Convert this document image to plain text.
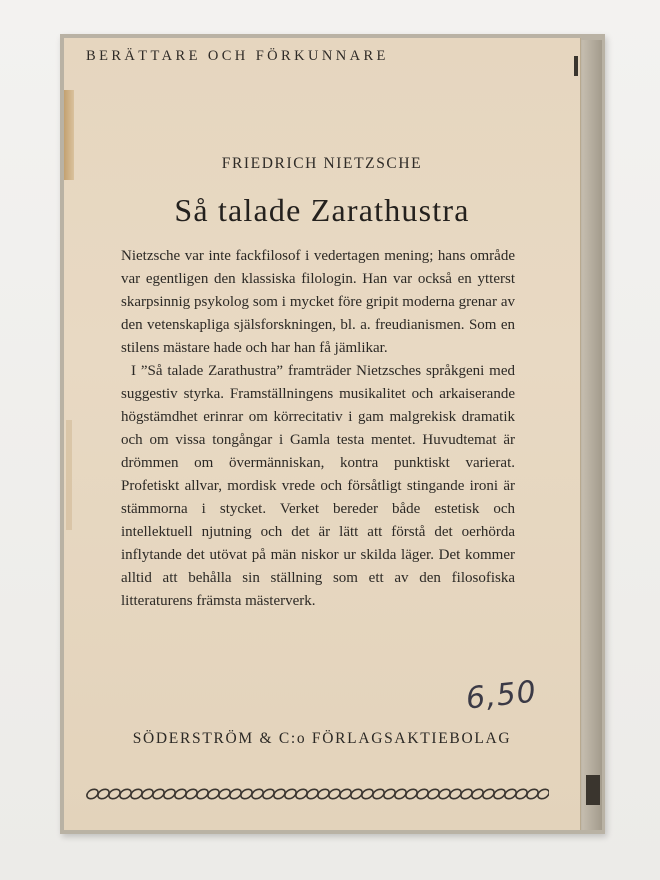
BERÄTTARE OCH FÖRKUNNARE
FRIEDRICH NIETZSCHE
Så talade Zarathustra

Nietzsche var inte fackfilosof i vedertagen mening; hans område var egentligen den klassiska filologin. Han var också en ytterst skarpsinnig psykolog som i mycket före gripit moderna grenar av den vetenskapliga själsforskningen, bl. a. freudianismen. Som en stilens mästare hade och har han få jämlikar.

I ”Så talade Zarathustra” framträder Nietzsches språkgeni med suggestiv styrka. Framställningens musikalitet och arkaiserande högstämdhet erinrar om körrecitativ i gam malgrekisk dramatik och om vissa tongångar i Gamla testa mentet. Huvudtemat är drömmen om övermänniskan, kontra punktiskt varierat. Profetiskt allvar, mordisk vrede och försåtligt stingande ironi är stämmorna i stycket. Verket bereder både estetisk och intellektuell njutning och det är lätt att förstå det oerhörda inflytande det utövat på män niskor ur skilda läger. Det kommer alltid att behålla sin ställning som ett av den filosofiska litteraturens främsta mästerverk.

6,50
SÖDERSTRÖM & C:o FÖRLAGSAKTIEBOLAG
